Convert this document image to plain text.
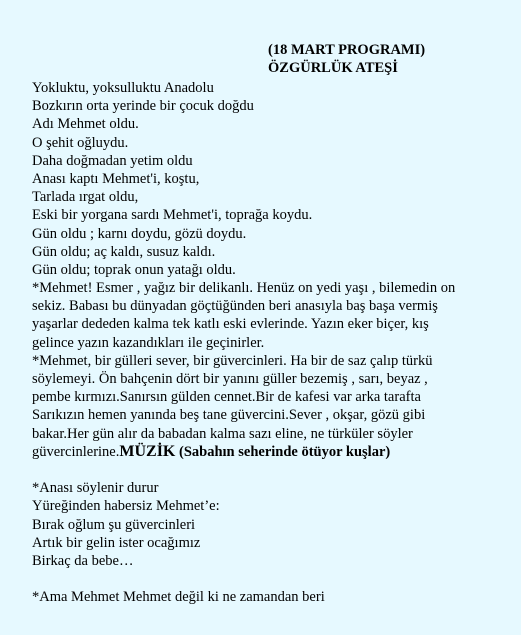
(18 MART PROGRAMI)
ÖZGÜRLÜK ATEŞİ
Yokluktu, yoksulluktu Anadolu
Bozkırın orta yerinde bir çocuk doğdu
Adı Mehmet oldu.
O şehit oğluydu.
Daha doğmadan yetim oldu
Anası kaptı Mehmet'i, koştu,
Tarlada ırgat oldu,
Eski bir yorgana sardı Mehmet'i, toprağa koydu.
Gün oldu ; karnı doydu, gözü doydu.
Gün oldu; aç kaldı, susuz kaldı.
Gün oldu; toprak onun yatağı oldu.
*Mehmet! Esmer , yağız bir delikanlı. Henüz on yedi yaşı , bilemedin on
sekiz. Babası bu dünyadan göçtüğünden beri anasıyla baş başa vermiş
yaşarlar dededen kalma tek katlı eski evlerinde. Yazın eker biçer, kış
gelince yazın kazandıkları ile geçinirler.
*Mehmet, bir gülleri sever, bir güvercinleri. Ha bir de saz çalıp türkü
söylemeyi. Ön bahçenin dört bir yanını güller bezemiş , sarı, beyaz ,
pembe kırmızı.Sanırsın gülden cennet.Bir de kafesi var arka tarafta
Sarıkızın hemen yanında beş tane güvercini.Sever , okşar, gözü gibi
bakar.Her gün alır da babadan kalma sazı eline, ne türküler söyler
güvercinlerine.MÜZİK (Sabahın seherinde ötüyor kuşlar)
*Anası söylenir durur
Yüreğinden habersiz Mehmet’e:
Bırak oğlum şu güvercinleri
Artık bir gelin ister ocağımız
Birkaç da bebe…
*Ama Mehmet Mehmet değil ki ne zamandan beri
